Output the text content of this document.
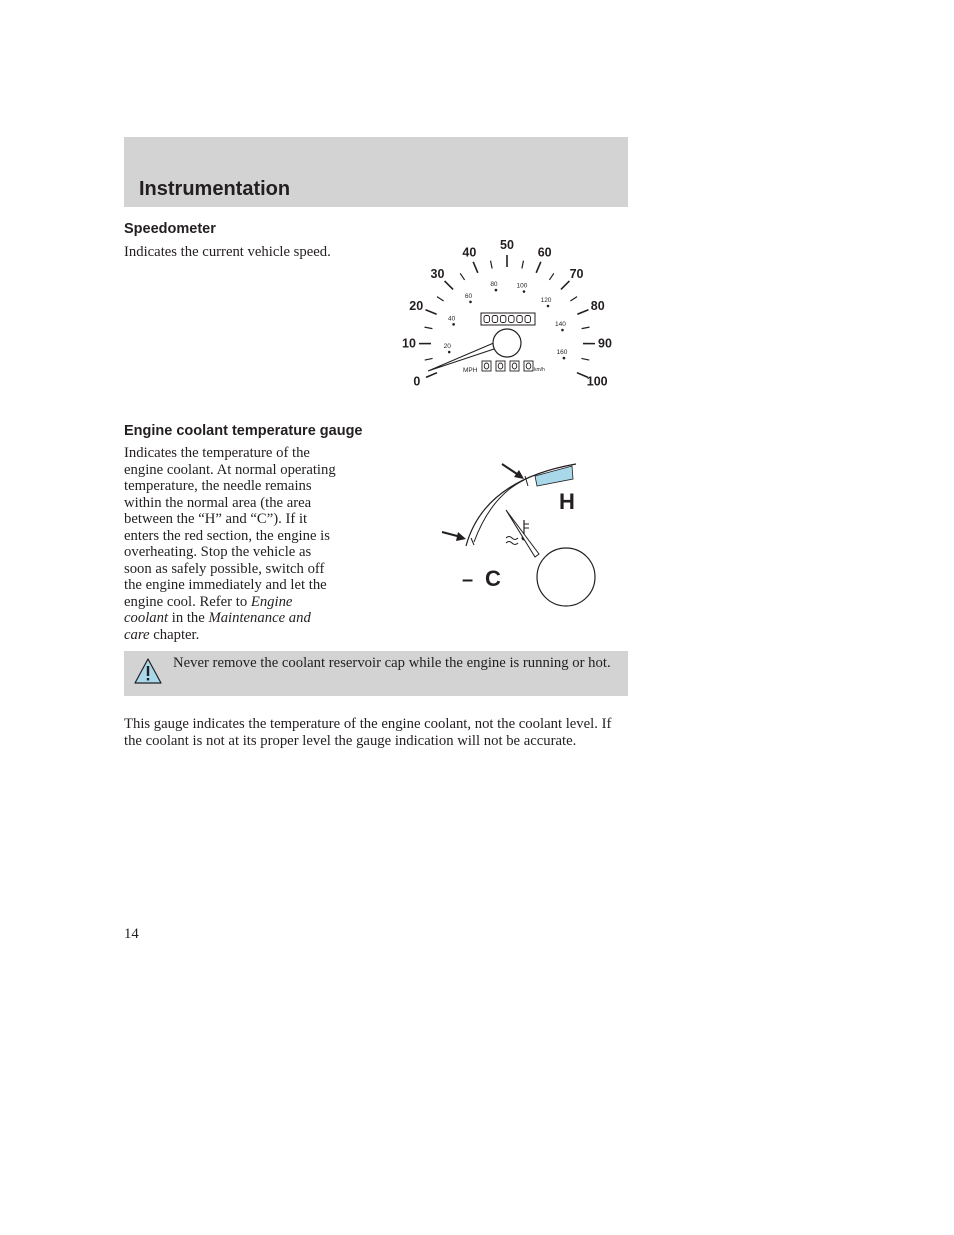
Instrumentation
Speedometer

Indicates the current vehicle speed.

0
10
20
30
40
50
60
70
80
90
100
20
40
60
80	100
120
140
160
MPH	km/h
Engine coolant temperature gauge
Indicates the temperature of the
engine coolant. At normal operating
temperature, the needle remains
within the normal area (the area
between the “H” and “C”). If it
enters the red section, the engine is
overheating. Stop the vehicle as
soon as safely possible, switch off
the engine immediately and let the
engine cool. Refer to Engine
coolant in the Maintenance and
care chapter.
H
– C

Never remove the coolant reservoir cap while the engine is running or hot.

This gauge indicates the temperature of the engine coolant, not the coolant level. If the coolant is not at its proper level the gauge indication will not be accurate.

14
